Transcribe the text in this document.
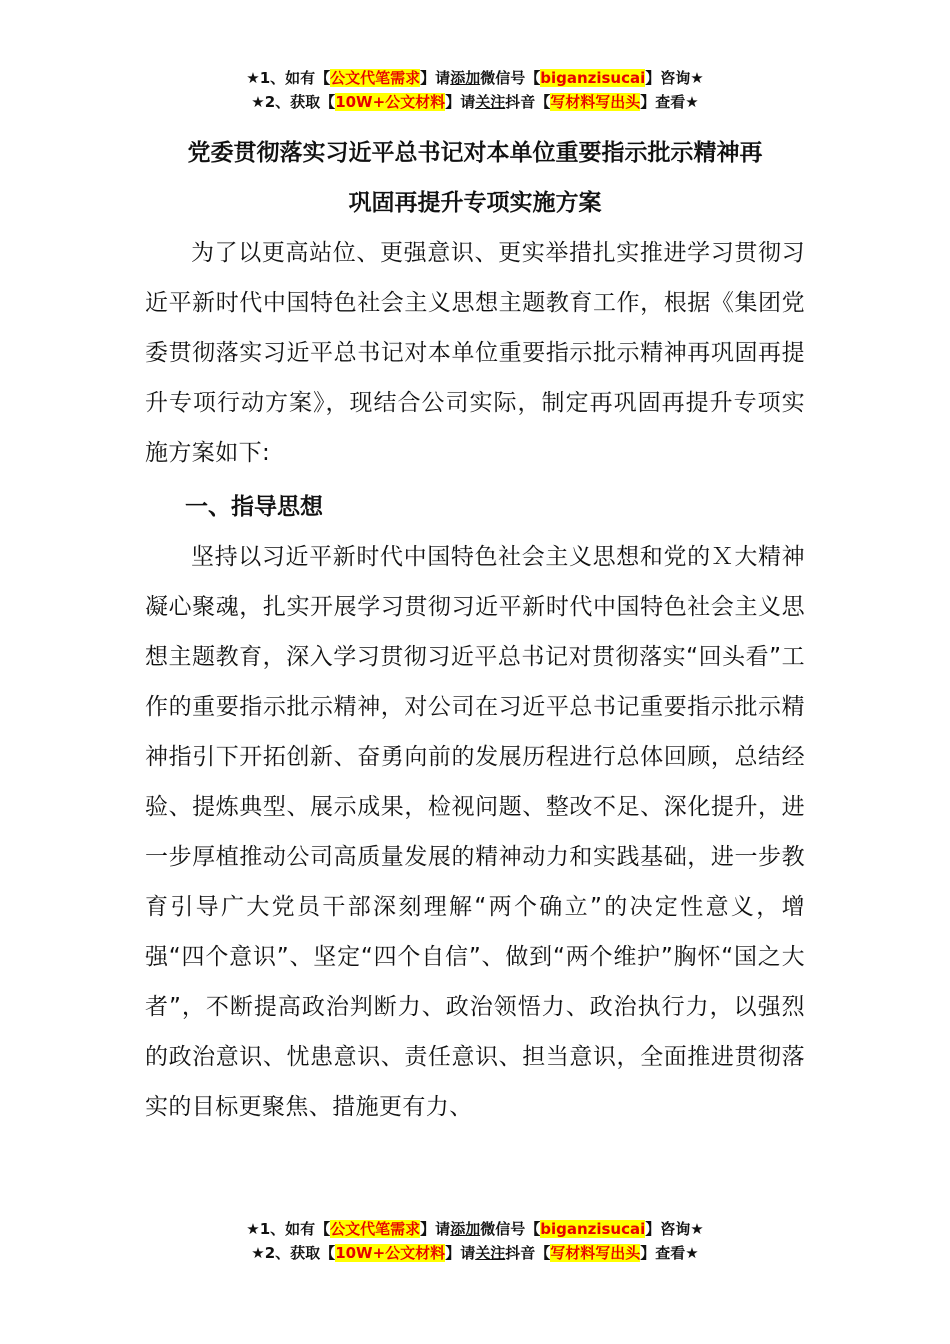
★1、如有【公文代笔需求】请添加微信号【biganzisucai】咨询★
★2、获取【10W+公文材料】请关注抖音【写材料写出头】查看★
党委贯彻落实习近平总书记对本单位重要指示批示精神再
巩固再提升专项实施方案

为了以更高站位、更强意识、更实举措扎实推进学习贯彻习近平新时代中国特色社会主义思想主题教育工作，根据《集团党委贯彻落实习近平总书记对本单位重要指示批示精神再巩固再提升专项行动方案》，现结合公司实际，制定再巩固再提升专项实施方案如下:

一、指导思想

坚持以习近平新时代中国特色社会主义思想和党的Ｘ大精神凝心聚魂，扎实开展学习贯彻习近平新时代中国特色社会主义思想主题教育，深入学习贯彻习近平总书记对贯彻落实“回头看”工作的重要指示批示精神，对公司在习近平总书记重要指示批示精神指引下开拓创新、奋勇向前的发展历程进行总体回顾，总结经验、提炼典型、展示成果，检视问题、整改不足、深化提升，进一步厚植推动公司高质量发展的精神动力和实践基础，进一步教育引导广大党员干部深刻理解“两个确立”的决定性意义，增强“四个意识”、坚定“四个自信”、做到“两个维护”胸怀“国之大者”，不断提高政治判断力、政治领悟力、政治执行力，以强烈的政治意识、忧患意识、责任意识、担当意识，全面推进贯彻落实的目标更聚焦、措施更有力、

★1、如有【公文代笔需求】请添加微信号【biganzisucai】咨询★
★2、获取【10W+公文材料】请关注抖音【写材料写出头】查看★
